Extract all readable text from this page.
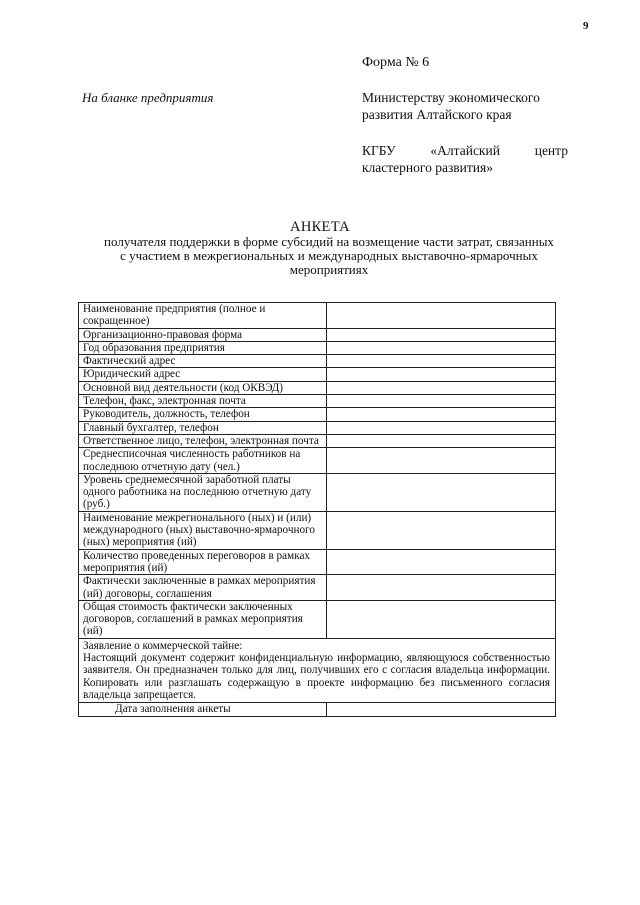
9
Форма № 6
На бланке предприятия	Министерству экономического развития Алтайского края
КГБУ	«Алтайский	центр
кластерного развития»
АНКЕТА
получателя поддержки в форме субсидий на возмещение части затрат, связанных с участием в межрегиональных и международных выставочно-ярмарочных мероприятиях
Наименование предприятия (полное и сокращенное)	
Организационно-правовая форма	
Год образования предприятия	
Фактический адрес	
Юридический адрес	
Основной вид деятельности (код ОКВЭД)	
Телефон, факс, электронная почта	
Руководитель, должность, телефон	
Главный бухгалтер, телефон	
Ответственное лицо, телефон, электронная почта	
Среднесписочная численность работников на последнюю отчетную дату (чел.)	
Уровень среднемесячной заработной платы одного работника на последнюю отчетную дату (руб.)	
Наименование межрегионального (ных) и (или) международного (ных) выставочно-ярмарочного (ных) мероприятия (ий)	
Количество проведенных переговоров в рамках мероприятия (ий)	
Фактически заключенные в рамках мероприятия (ий) договоры, соглашения	
Общая стоимость фактически заключенных договоров, соглашений в рамках мероприятия (ий)	

Заявление о коммерческой тайне:
Настоящий документ содержит конфиденциальную информацию, являющуюся собственностью заявителя. Он предназначен только для лиц, получивших его с согласия владельца информации. Копировать или разглашать содержащую в проекте информацию без письменного согласия владельца запрещается.	

Дата заполнения анкеты	
